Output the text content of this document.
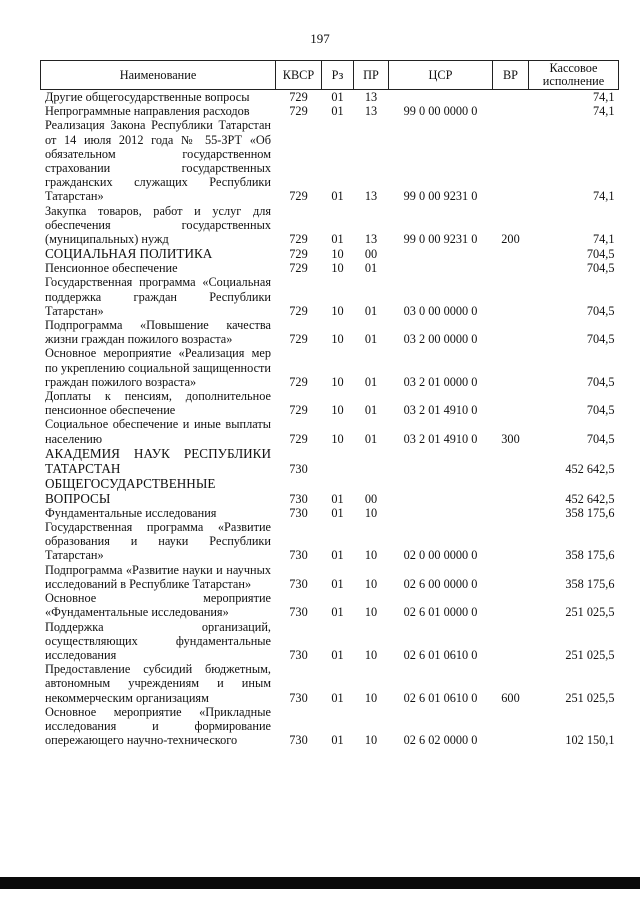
197
Наименование	КВСР	Рз	ПР	ЦСР	ВР	Кассовое исполнение
Другие общегосударственные вопросы	729	01	13			74,1
Непрограммные направления расходов	729	01	13	99 0 00 0000 0		74,1
Реализация Закона Республики Татарстан от 14 июля 2012 года № 55-ЗРТ «Об обязательном государственном страховании государственных гражданских служащих Республики Татарстан»	729	01	13	99 0 00 9231 0		74,1
Закупка товаров, работ и услуг для обеспечения государственных (муниципальных) нужд	729	01	13	99 0 00 9231 0	200	74,1
СОЦИАЛЬНАЯ ПОЛИТИКА	729	10	00			704,5
Пенсионное обеспечение	729	10	01			704,5
Государственная программа «Социальная поддержка граждан Республики Татарстан»	729	10	01	03 0 00 0000 0		704,5
Подпрограмма «Повышение качества жизни граждан пожилого возраста»	729	10	01	03 2 00 0000 0		704,5
Основное мероприятие «Реализация мер по укреплению социальной защищенности граждан пожилого возраста»	729	10	01	03 2 01 0000 0		704,5
Доплаты к пенсиям, дополнительное пенсионное обеспечение	729	10	01	03 2 01 4910 0		704,5
Социальное обеспечение и иные выплаты населению	729	10	01	03 2 01 4910 0	300	704,5
АКАДЕМИЯ НАУК РЕСПУБЛИКИ ТАТАРСТАН	730					452 642,5
ОБЩЕГОСУДАРСТВЕННЫЕ ВОПРОСЫ	730	01	00			452 642,5
Фундаментальные исследования	730	01	10			358 175,6
Государственная программа «Развитие образования и науки Республики Татарстан»	730	01	10	02 0 00 0000 0		358 175,6
Подпрограмма «Развитие науки и научных исследований в Республике Татарстан»	730	01	10	02 6 00 0000 0		358 175,6
Основное мероприятие «Фундаментальные исследования»	730	01	10	02 6 01 0000 0		251 025,5
Поддержка организаций, осуществляющих фундаментальные исследования	730	01	10	02 6 01 0610 0		251 025,5
Предоставление субсидий бюджетным, автономным учреждениям и иным некоммерческим организациям	730	01	10	02 6 01 0610 0	600	251 025,5
Основное мероприятие «Прикладные исследования и формирование опережающего научно-технического	730	01	10	02 6 02 0000 0		102 150,1
